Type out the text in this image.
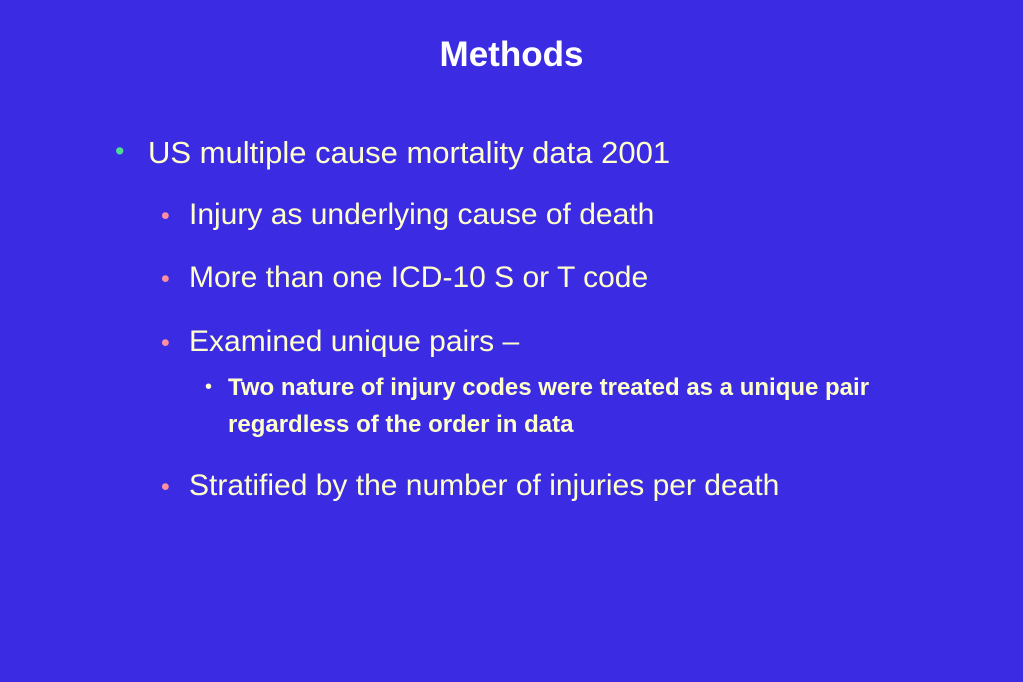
Methods
• US multiple cause mortality data 2001
• Injury as underlying cause of death
• More than one ICD-10 S or T code
• Examined unique pairs –
• Two nature of injury codes were treated as a unique pair regardless of the order in data
• Stratified by the number of injuries per death
